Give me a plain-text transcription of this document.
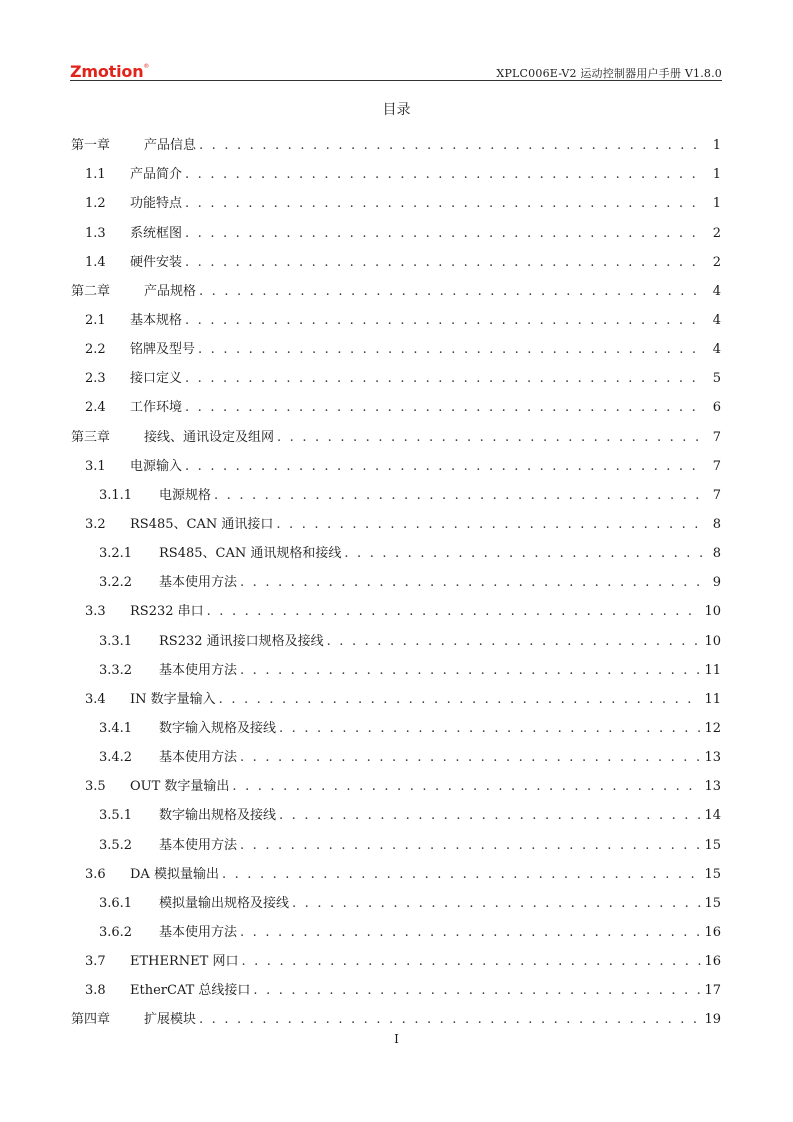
Zmotion®
XPLC006E-V2 运动控制器用户手册 V1.8.0
目录
第一章	产品信息 . . .	1
1.1	产品简介 . . .	1
1.2	功能特点 . . .	1
1.3	系统框图 . . .	2
1.4	硬件安装 . . .	2
第二章	产品规格 . . .	4
2.1	基本规格 . . .	4
2.2	铭牌及型号 . . .	4
2.3	接口定义 . . .	5
2.4	工作环境 . . .	6
第三章	接线、通讯设定及组网 . . .	7
3.1	电源输入 . . .	7
3.1.1	电源规格 . . .	7
3.2	RS485、CAN 通讯接口 . . .	8
3.2.1	RS485、CAN 通讯规格和接线 . . .	8
3.2.2	基本使用方法 . . .	9
3.3	RS232 串口 . . .	10
3.3.1	RS232 通讯接口规格及接线 . . .	10
3.3.2	基本使用方法 . . .	11
3.4	IN 数字量输入 . . .	11
3.4.1	数字输入规格及接线 . . .	12
3.4.2	基本使用方法 . . .	13
3.5	OUT 数字量输出 . . .	13
3.5.1	数字输出规格及接线 . . .	14
3.5.2	基本使用方法 . . .	15
3.6	DA 模拟量输出 . . .	15
3.6.1	模拟量输出规格及接线 . . .	15
3.6.2	基本使用方法 . . .	16
3.7	ETHERNET 网口 . . .	16
3.8	EtherCAT 总线接口 . . .	17
第四章	扩展模块 . . .	19
I
